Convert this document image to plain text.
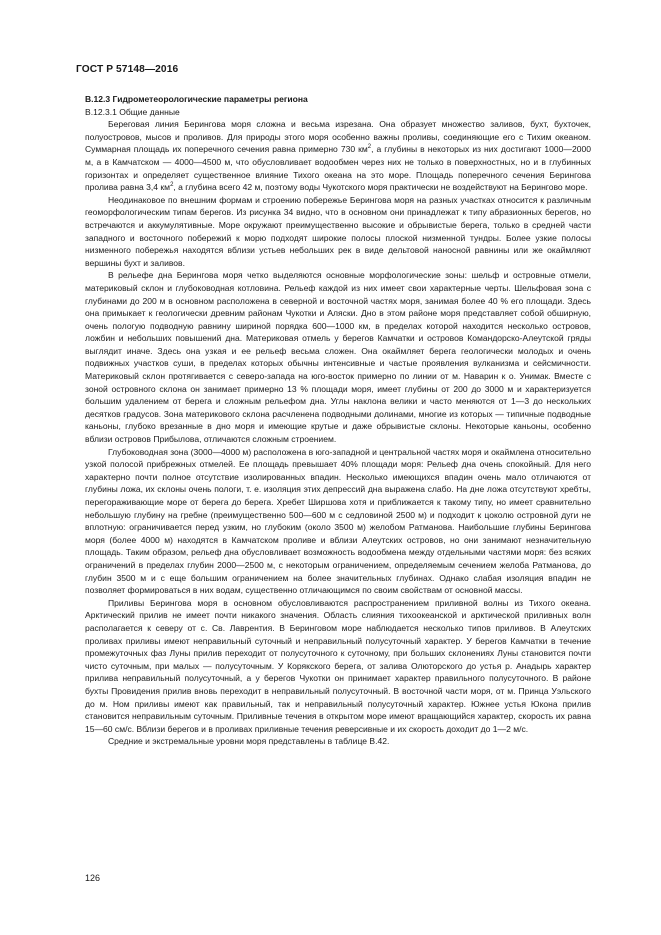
ГОСТ Р 57148—2016

В.12.3 Гидрометеорологические параметры региона

В.12.3.1 Общие данные

Береговая линия Берингова моря сложна и весьма изрезана. Она образует множество заливов, бухт, бухточек, полуостровов, мысов и проливов. Для природы этого моря особенно важны проливы, соединяющие его с Тихим океаном. Суммарная площадь их поперечного сечения равна примерно 730 $км^2$, а глубины в некоторых из них достигают 1000—2000 м, а в Камчатском — 4000—4500 м, что обусловливает водообмен через них не только в поверхностных, но и в глубинных горизонтах и определяет существенное влияние Тихого океана на это море. Площадь поперечного сечения Берингова пролива равна 3,4 $км^2$, а глубина всего 42 м, поэтому воды Чукотского моря практически не воздействуют на Берингово море.

Неодинаковое по внешним формам и строению побережье Берингова моря на разных участках относится к различным геоморфологическим типам берегов. Из рисунка 34 видно, что в основном они принадлежат к типу абразионных берегов, но встречаются и аккумулятивные. Море окружают преимущественно высокие и обрывистые берега, только в средней части западного и восточного побережий к морю подходят широкие полосы плоской низменной тундры. Более узкие полосы низменного побережья находятся вблизи устьев небольших рек в виде дельтовой наносной равнины или же окаймляют вершины бухт и заливов.

В рельефе дна Берингова моря четко выделяются основные морфологические зоны: шельф и островные отмели, материковый склон и глубоководная котловина. Рельеф каждой из них имеет свои характерные черты. Шельфовая зона с глубинами до 200 м в основном расположена в северной и восточной частях моря, занимая более 40 % его площади. Здесь она примыкает к геологически древним районам Чукотки и Аляски. Дно в этом районе моря представляет собой обширную, очень пологую подводную равнину шириной порядка 600—1000 км, в пределах которой находится несколько островов, ложбин и небольших повышений дна. Материковая отмель у берегов Камчатки и островов Командорско-Алеутской гряды выглядит иначе. Здесь она узкая и ее рельеф весьма сложен. Она окаймляет берега геологически молодых и очень подвижных участков суши, в пределах которых обычны интенсивные и частые проявления вулканизма и сейсмичности. Материковый склон протягивается с северо-запада на юго-восток примерно по линии от м. Наварин к о. Унимак. Вместе с зоной островного склона он занимает примерно 13 % площади моря, имеет глубины от 200 до 3000 м и характеризуется большим удалением от берега и сложным рельефом дна. Углы наклона велики и часто меняются от 1—3 до нескольких десятков градусов. Зона материкового склона расчленена подводными долинами, многие из которых — типичные подводные каньоны, глубоко врезанные в дно моря и имеющие крутые и даже обрывистые склоны. Некоторые каньоны, особенно вблизи островов Прибылова, отличаются сложным строением.

Глубоководная зона (3000—4000 м) расположена в юго-западной и центральной частях моря и окаймлена относительно узкой полосой прибрежных отмелей. Ее площадь превышает 40% площади моря: Рельеф дна очень спокойный. Для него характерно почти полное отсутствие изолированных впадин. Несколько имеющихся впадин очень мало отличаются от глубины ложа, их склоны очень пологи, т. е. изоляция этих депрессий дна выражена слабо. На дне ложа отсутствуют хребты, перегораживающие море от берега до берега. Хребет Ширшова хотя и приближается к такому типу, но имеет сравнительно небольшую глубину на гребне (преимущественно 500—600 м с седловиной 2500 м) и подходит к цоколю островной дуги не вплотную: ограничивается перед узким, но глубоким (около 3500 м) желобом Ратманова. Наибольшие глубины Берингова моря (более 4000 м) находятся в Камчатском проливе и вблизи Алеутских островов, но они занимают незначительную площадь. Таким образом, рельеф дна обусловливает возможность водообмена между отдельными частями моря: без всяких ограничений в пределах глубин 2000—2500 м, с некоторым ограничением, определяемым сечением желоба Ратманова, до глубин 3500 м и с еще большим ограничением на более значительных глубинах. Однако слабая изоляция впадин не позволяет формироваться в них водам, существенно отличающимся по своим свойствам от основной массы.

Приливы Берингова моря в основном обусловливаются распространением приливной волны из Тихого океана. Арктический прилив не имеет почти никакого значения. Область слияния тихоокеанской и арктической приливных волн располагается к северу от с. Св. Лаврентия. В Беринговом море наблюдается несколько типов приливов. В Алеутских проливах приливы имеют неправильный суточный и неправильный полусуточный характер. У берегов Камчатки в течение промежуточных фаз Луны прилив переходит от полусуточного к суточному, при больших склонениях Луны становится почти чисто суточным, при малых — полусуточным. У Корякского берега, от залива Олюторского до устья р. Анадырь характер прилива неправильный полусуточный, а у берегов Чукотки он принимает характер правильного полусуточного. В районе бухты Провидения прилив вновь переходит в неправильный полусуточный. В восточной части моря, от м. Принца Уэльского до м. Ном приливы имеют как правильный, так и неправильный полусуточный характер. Южнее устья Юкона прилив становится неправильным суточным. Приливные течения в открытом море имеют вращающийся характер, скорость их равна 15—60 см/с. Вблизи берегов и в проливах приливные течения реверсивные и их скорость доходит до 1—2 м/с.

Средние и экстремальные уровни моря представлены в таблице В.42.

126
